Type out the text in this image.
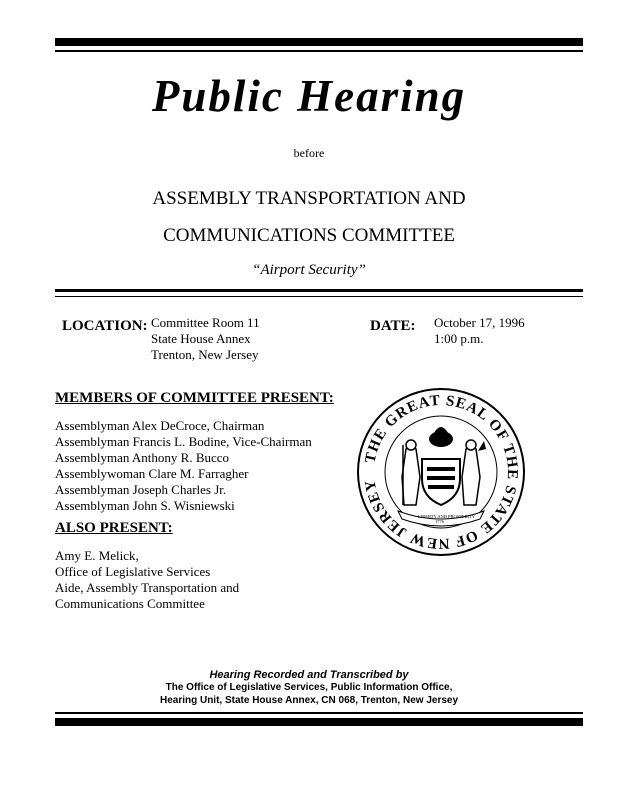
Public Hearing
before
ASSEMBLY TRANSPORTATION AND
COMMUNICATIONS COMMITTEE
“Airport Security”
LOCATION: Committee Room 11
State House Annex
Trenton, New Jersey
DATE: October 17, 1996
1:00 p.m.
MEMBERS OF COMMITTEE PRESENT:
Assemblyman Alex DeCroce, Chairman
Assemblyman Francis L. Bodine, Vice-Chairman
Assemblyman Anthony R. Bucco
Assemblywoman Clare M. Farragher
Assemblyman Joseph Charles Jr.
Assemblyman John S. Wisniewski
ALSO PRESENT:
Amy E. Melick,
Office of Legislative Services
Aide, Assembly Transportation and
Communications Committee
THE GREAT SEAL OF THE STATE OF NEW JERSEY
LIBERTY AND PROSPERITY
1776
Hearing Recorded and Transcribed by
The Office of Legislative Services, Public Information Office,
Hearing Unit, State House Annex, CN 068, Trenton, New Jersey
